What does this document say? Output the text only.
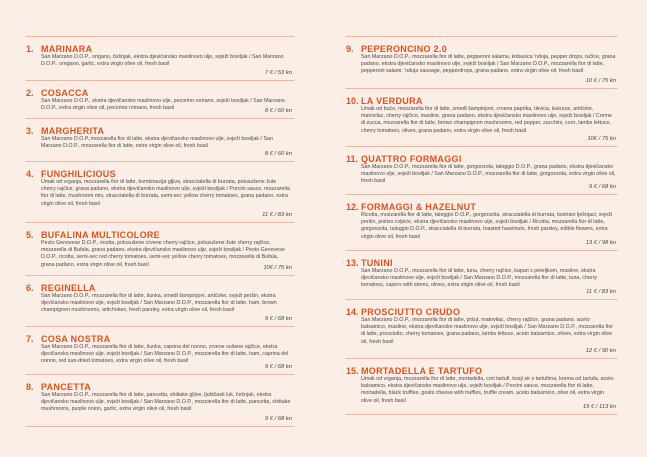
1. MARINARA

San Marzano D.O.P., origano, češnjak, ekstra djevičansko maslinovo ulje, svježi bosiljak / San Marzano D.O.P., oregano, garlic, extra virgin olive oil, fresh basil

7 € / 53 kn
2. COSACCA

San Marzano D.O.P., ekstra djevičansko maslinovo ulje, pecorino romano, svježi bosiljak / San Marzano D.O.P., extra virgin olive oil, pecorino romano, fresh basil	8 € / 60 kn
3. MARGHERITA

San Marzano D.O.P.,mozzarella fior di latte, ekstra djevičansko maslinovo ulje, svježi bosiljak / San Marzano D.O.P., mozzarella fior di latte, extra virgin olive oil, fresh basil

8 € / 60 kn
4. FUNGHILICIOUS

Umak od vrganja, mozzarella fior di latte, kombinacija gljiva, stracciatella di burrata, polusušene žute cherry rajčice, grana padano, ekstra djevičansko maslinovo ulje, svježi bosiljak / Porcini sauce, mozzarella fior di latte, mushroom mix, stracciatella di burrata, semi-sec yellow cherry tomatoes, grana padano, extra virgin olive oil, fresh basil

11 € / 83 kn
5. BUFALINA MULTICOLORE

Pesto Genovese D.O.P., ricotta, polusušene crvene cherry rajčice, polusušene žute cherry rajčice, mozzarella di Bufala, grana padano, ekstra djevičansko maslinovo ulje, svježi bosiljak / Pesto Genovese D.O.P., ricotta, semi-sec red cherry tomatoes, semi-sec yellow cherry tomatoes, mozzarella di Bufala, grana padano, extra virgin olive oil, fresh basil

10€ / 75 kn
6. REGINELLA

San Marzano D.O.P., mozzarella fior di latte, šunka, smeđi šampinjoni, artičoke, svježi peršin, ekstra djevičansko maslinovo ulje, svježi bosiljak / San Marzano D.O.P., mozzarella fior di latte, ham, brown champignon mushrooms, artichokes, fresh parsley, extra virgin olive oil, fresh basil

9 € / 68 kn
7. COSA NOSTRA

San Marzano D.O.P., mozzarella fior di latte, šunka, caprina del nonno, crvene sušene rajčice, ekstra djevičansko maslinovo ulje, svježi bosiljak / San Marzano D.O.P., mozzarella fior di latte, ham, caprina del nonno, red sun-dried tomatoes, extra virgin olive oil, fresh basil

9 € / 68 kn
8. PANCETTA

San Marzano D.O.P., mozzarella fior di latte, pancetta, shiitake gljive, ljubičasti luk, češnjak, ekstra djevičansko maslinovo ulje, svježi bosiljak / San Marzano D.O.P., mozzarella fior di latte, pancetta, shiitake mushrooms, purple onion, garlic, extra virgin olive oil, fresh basil

9 € / 68 kn
9. PEPERONCINO 2.0

San Marzano D.O.P., mozzarella fior di latte, pepperoni salama, kobasica 'nduja, pepper drops, tučice, grana padano, ekstra djevičansko maslinovo ulje, svježi bosiljak / San Marzano D.O.P., mozzarella fior di latte, pepperoni salami, 'nduja sausage, pepperdrops, grana padano, extra virgin olive oil, fresh basil

10 € / 75 kn
10. LA VERDURA

Umak od buče, mozzarella fior di latte, smeđi šampinjoni, crvena paprika, tikvica, kukuruz, artičoke, matovilac, cherry rajčice, masline, grana padano, ekstra djevičansko maslinovo ulje, svježi bosiljak / Creme di zucca, mozzarella fior di latte, brown champignon mushrooms, red pepper, zucchini, corn, lambs lettuce, cherry tomatoes, olives, grana padano, extra virgin olive oil, fresh basil

10€ / 75 kn
11. QUATTRO FORMAGGI

San Marzano D.O.P., mozzarella fior di latte, gorgonzola, taleggio D.O.P., grana padano, ekstra djevičansko maslinovo ulje, svježi bosiljak / San Marzano D.O.P., mozzarella fior di latte, gorgonzola, extra virgin olive oil, fresh basil

9 € / 68 kn
12. FORMAGGI & HAZELNUT

Ricotta, mozzarella fior di latte, taleggio D.O.P., gorgonzola, stracciatella di burrata, tostirani lješnjaci, svježi peršin, jestivo cvijeće, ekstra djevičansko maslinovo ulje, svježi bosiljak / Ricotta, mozzarella fior di latte, gorgonzola, taleggio D.O.P., stracciatella di burrata, toasted hazelnuts, fresh parsley, edible flowers, extra virgin olive oil, fresh basil

13 € / 98 kn
13. TUNINI

San Marzano D.O.P., mozzarella fior di latte, tuna, cherry rajčice, kapari s peteljkom, masline, ekstra djevičansko maslinovo ulje, svježi bosiljak / San Marzano D.O.P., mozzarella fior di latte, tuna, cherry tomatoes, capers with stems, olives, extra virgin olive oil, fresh basil

11 € / 83 kn
14. PROSCIUTTO CRUDO

San Marzano D.O.P., mozzarella fior di latte, pršut, matovilac, cherry rajčice, grana padano, aceto balsamico, masline, ekstra djevičansko maslinovo ulje, svježi bosiljak / San Marzano D.O.P., mozzarella fior di latte, prosciutto, cherry tomatoes, grana padano, lambs lettuce, aceto balsamico, olives, extra virgin olive oil, fresh basil

12 € / 90 kn
15. MORTADELLA E TARTUFO

Umak od vrganja, mozzarella fior di latte, mortadella, crni tartufi, kozji sir s tartufima, krema od tartufa, aceto balsamico, ekstra djevičansko maslinovo ulje, svježi bosiljak / Porcini sauce, mozzarella fior di latte, mortadella, black truffles, goats cheese with truffles, truffle cream, aceto balsamico, olive oil, extra virgin olive oil, fresh basil

15 € / 113 kn
